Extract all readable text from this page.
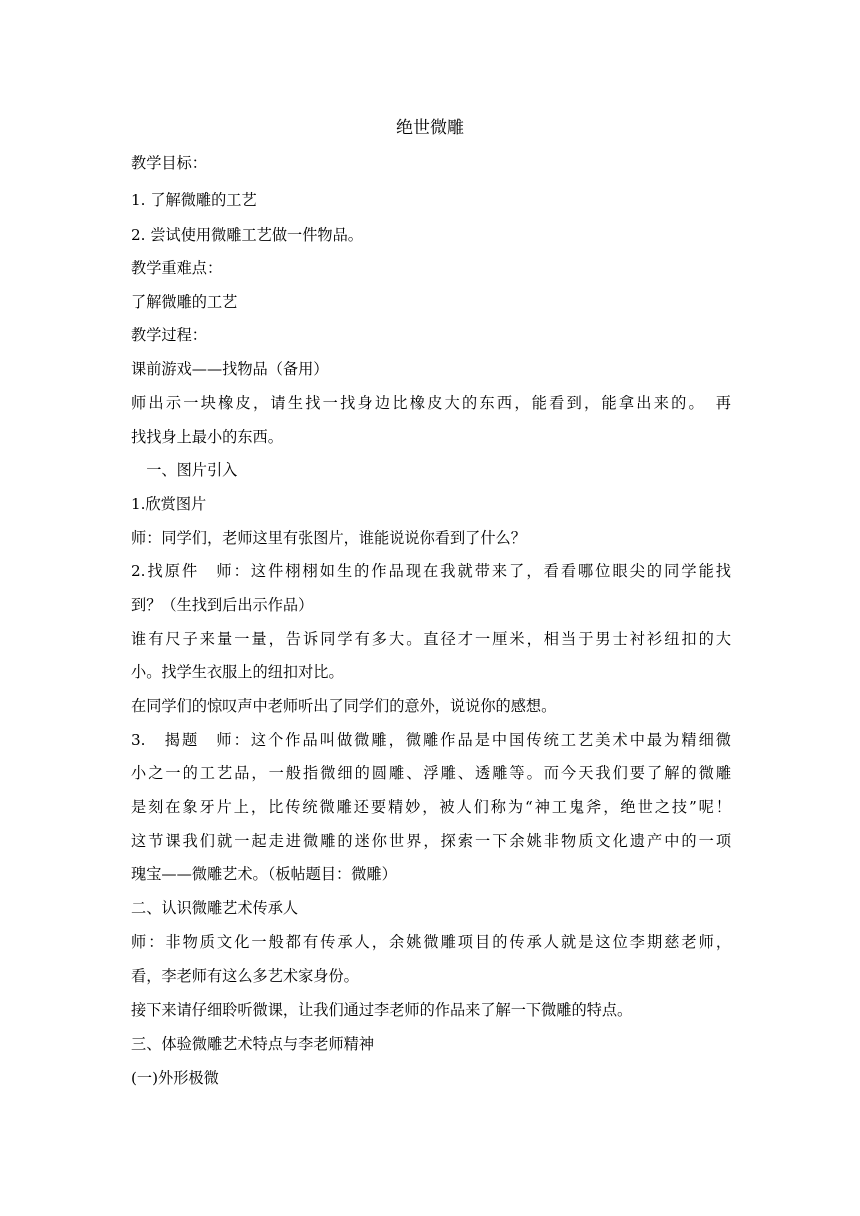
绝世微雕
教学目标：
1. 了解微雕的工艺
2. 尝试使用微雕工艺做一件物品。
教学重难点：
了解微雕的工艺
教学过程：
课前游戏——找物品（备用）
师出示一块橡皮，请生找一找身边比橡皮大的东西，能看到，能拿出来的。　再
找找身上最小的东西。
　一、图片引入
1.欣赏图片
师：同学们，老师这里有张图片，谁能说说你看到了什么？
2.找原件　师：这件栩栩如生的作品现在我就带来了，看看哪位眼尖的同学能找
到？（生找到后出示作品）
谁有尺子来量一量，告诉同学有多大。直径才一厘米，相当于男士衬衫纽扣的大
小。找学生衣服上的纽扣对比。
在同学们的惊叹声中老师听出了同学们的意外，说说你的感想。
3.　揭题　师：这个作品叫做微雕，微雕作品是中国传统工艺美术中最为精细微
小之一的工艺品，一般指微细的圆雕、浮雕、透雕等。而今天我们要了解的微雕
是刻在象牙片上，比传统微雕还要精妙，被人们称为“神工鬼斧，绝世之技”呢！
这节课我们就一起走进微雕的迷你世界，探索一下余姚非物质文化遗产中的一项
瑰宝——微雕艺术。（板帖题目：微雕）
二、认识微雕艺术传承人
师：非物质文化一般都有传承人，余姚微雕项目的传承人就是这位李期慈老师，
看，李老师有这么多艺术家身份。
接下来请仔细聆听微课，让我们通过李老师的作品来了解一下微雕的特点。
三、体验微雕艺术特点与李老师精神
(一)外形极微
